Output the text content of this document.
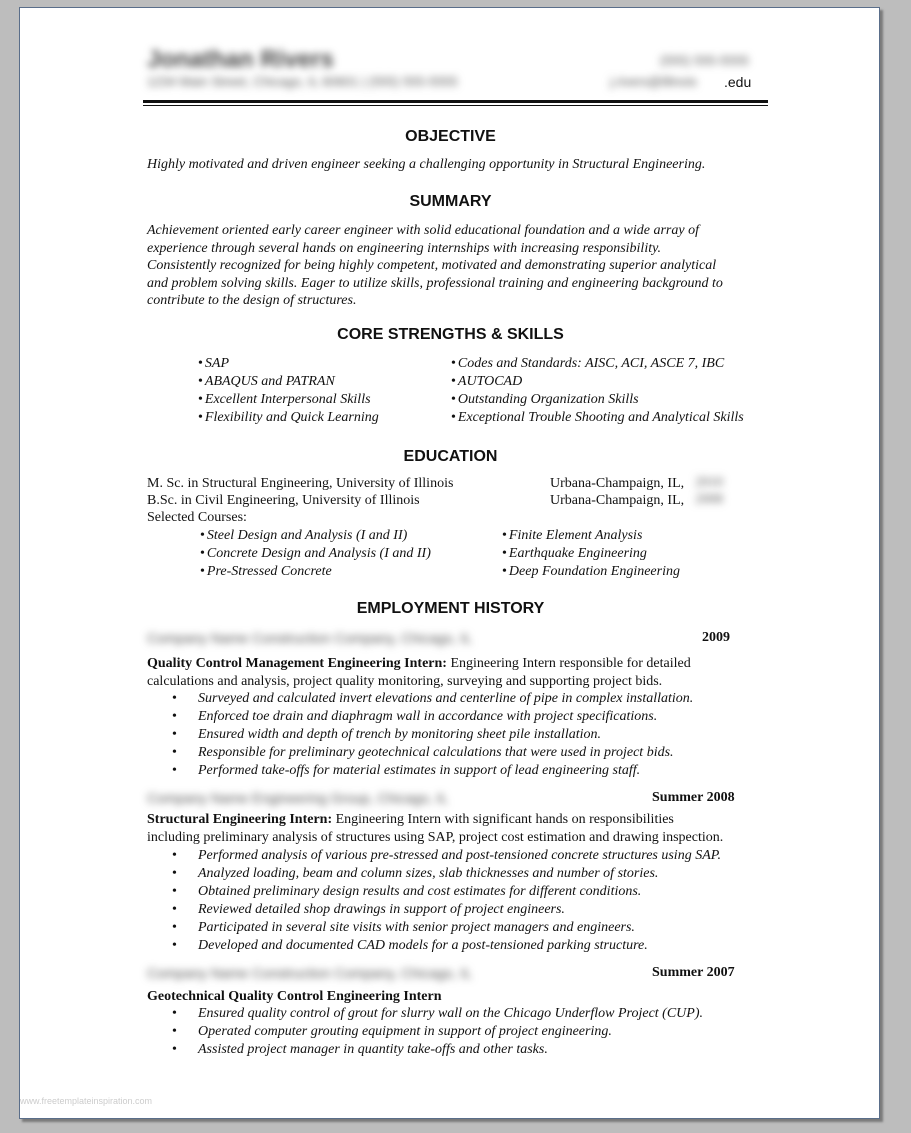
Jonathan Rivers
1234 Main Street, Chicago, IL 60601 | (555) 555-5555
(555) 555-5555
j.rivers@illinois .edu
OBJECTIVE
Highly motivated and driven engineer seeking a challenging opportunity in Structural Engineering.
SUMMARY
Achievement oriented early career engineer with solid educational foundation and a wide array of
experience through several hands on engineering internships with increasing responsibility.
Consistently recognized for being highly competent, motivated and demonstrating superior analytical
and problem solving skills. Eager to utilize skills, professional training and engineering background to
contribute to the design of structures.
CORE STRENGTHS & SKILLS
• SAP
• ABAQUS and PATRAN
• Excellent Interpersonal Skills
• Flexibility and Quick Learning
• Codes and Standards: AISC, ACI, ASCE 7, IBC
• AUTOCAD
• Outstanding Organization Skills
• Exceptional Trouble Shooting and Analytical Skills
EDUCATION
M. Sc. in Structural Engineering, University of Illinois	Urbana-Champaign, IL, 2010
B.Sc. in Civil Engineering, University of Illinois	Urbana-Champaign, IL, 2008
Selected Courses:
• Steel Design and Analysis (I and II)
• Concrete Design and Analysis (I and II)
• Pre-Stressed Concrete
• Finite Element Analysis
• Earthquake Engineering
• Deep Foundation Engineering
EMPLOYMENT HISTORY
Company Name Construction Company, Chicago, IL	2009
Quality Control Management Engineering Intern: Engineering Intern responsible for detailed
calculations and analysis, project quality monitoring, surveying and supporting project bids.
• Surveyed and calculated invert elevations and centerline of pipe in complex installation.
• Enforced toe drain and diaphragm wall in accordance with project specifications.
• Ensured width and depth of trench by monitoring sheet pile installation.
• Responsible for preliminary geotechnical calculations that were used in project bids.
• Performed take-offs for material estimates in support of lead engineering staff.
Company Name Engineering Group, Chicago, IL	Summer 2008
Structural Engineering Intern: Engineering Intern with significant hands on responsibilities
including preliminary analysis of structures using SAP, project cost estimation and drawing inspection.
• Performed analysis of various pre-stressed and post-tensioned concrete structures using SAP.
• Analyzed loading, beam and column sizes, slab thicknesses and number of stories.
• Obtained preliminary design results and cost estimates for different conditions.
• Reviewed detailed shop drawings in support of project engineers.
• Participated in several site visits with senior project managers and engineers.
• Developed and documented CAD models for a post-tensioned parking structure.
Company Name Construction Company, Chicago, IL	Summer 2007
Geotechnical Quality Control Engineering Intern
• Ensured quality control of grout for slurry wall on the Chicago Underflow Project (CUP).
• Operated computer grouting equipment in support of project engineering.
• Assisted project manager in quantity take-offs and other tasks.
www.freetemplateinspiration.com
